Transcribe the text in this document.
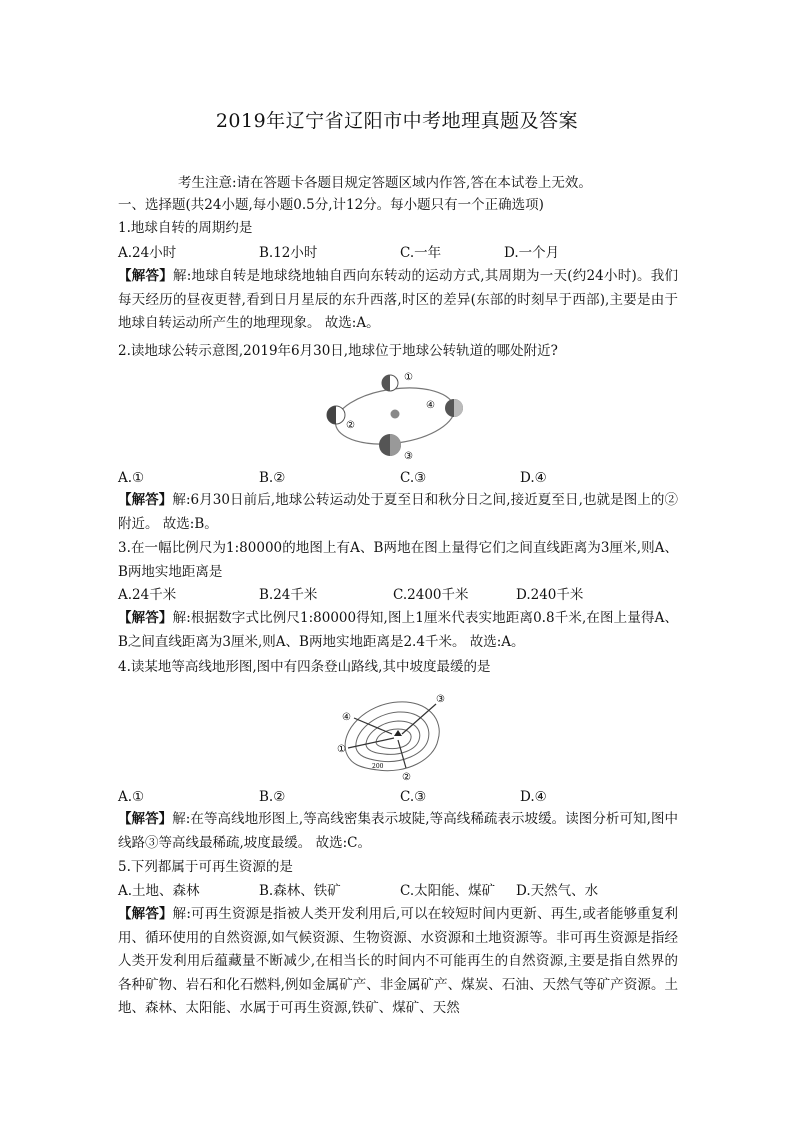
2019年辽宁省辽阳市中考地理真题及答案
考生注意:请在答题卡各题目规定答题区域内作答,答在本试卷上无效。
一、选择题(共24小题,每小题0.5分,计12分。每小题只有一个正确选项)
1.地球自转的周期约是
A.24小时	B.12小时	C.一年	D.一个月
【解答】解:地球自转是地球绕地轴自西向东转动的运动方式,其周期为一天(约24小时)。我们每天经历的昼夜更替,看到日月星辰的东升西落,时区的差异(东部的时刻早于西部),主要是由于地球自转运动所产生的地理现象。 故选:A。
2.读地球公转示意图,2019年6月30日,地球位于地球公转轨道的哪处附近?
①
②
③
④
A.①	B.②	C.③	D.④
【解答】解:6月30日前后,地球公转运动处于夏至日和秋分日之间,接近夏至日,也就是图上的②附近。 故选:B。
3.在一幅比例尺为1:80000的地图上有A、B两地在图上量得它们之间直线距离为3厘米,则A、B两地实地距离是
A.24千米	B.24千米	C.2400千米	D.240千米
【解答】解:根据数字式比例尺1:80000得知,图上1厘米代表实地距离0.8千米,在图上量得A、B之间直线距离为3厘米,则A、B两地实地距离是2.4千米。 故选:A。
4.读某地等高线地形图,图中有四条登山路线,其中坡度最缓的是
①
②
③
④
200
A.①	B.②	C.③	D.④
【解答】解:在等高线地形图上,等高线密集表示坡陡,等高线稀疏表示坡缓。读图分析可知,图中线路③等高线最稀疏,坡度最缓。 故选:C。
5.下列都属于可再生资源的是
A.土地、森林	B.森林、铁矿	C.太阳能、煤矿 D.天然气、水
【解答】解:可再生资源是指被人类开发利用后,可以在较短时间内更新、再生,或者能够重复利用、循环使用的自然资源,如气候资源、生物资源、水资源和土地资源等。非可再生资源是指经人类开发利用后蕴藏量不断减少,在相当长的时间内不可能再生的自然资源,主要是指自然界的各种矿物、岩石和化石燃料,例如金属矿产、非金属矿产、煤炭、石油、天然气等矿产资源。土地、森林、太阳能、水属于可再生资源,铁矿、煤矿、天然
